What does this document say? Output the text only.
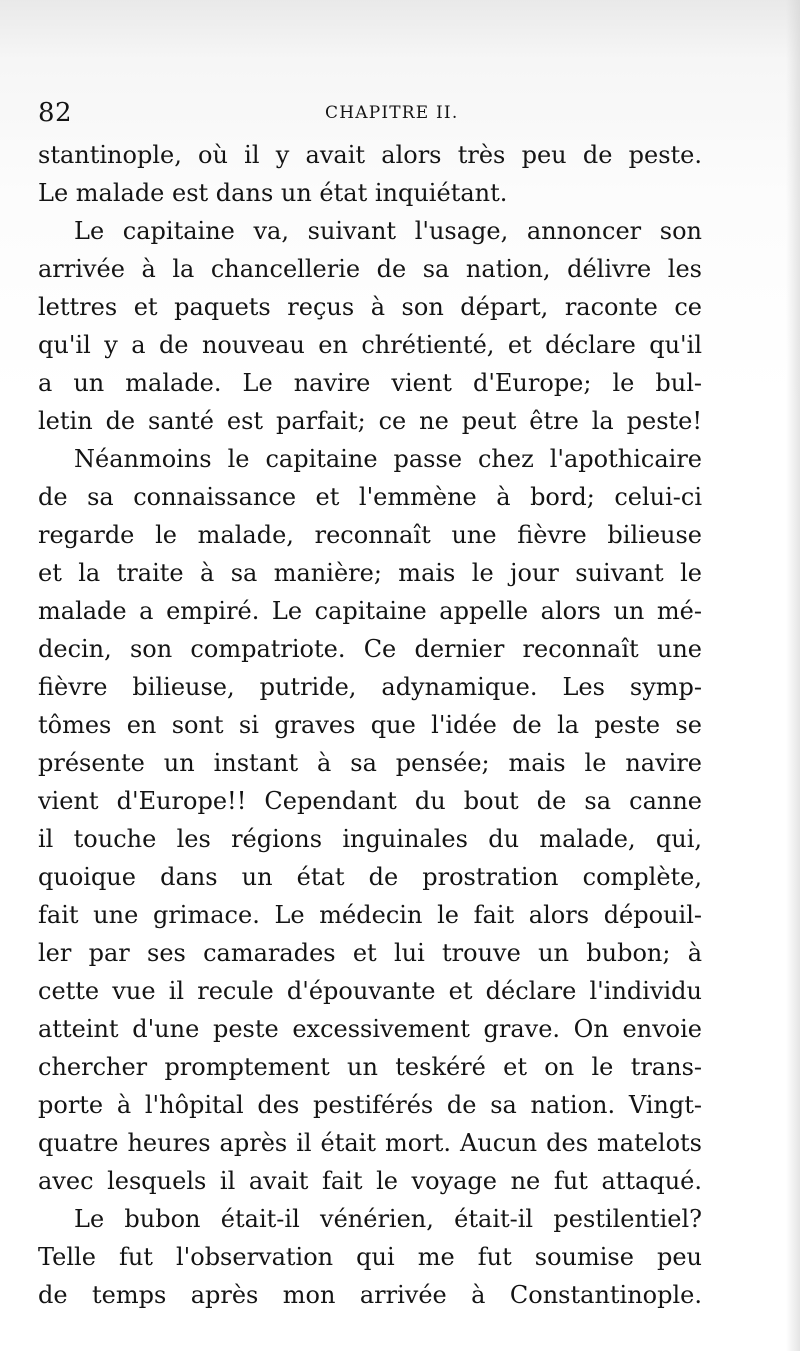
82	CHAPITRE II.
stantinople, où il y avait alors très peu de peste.
Le malade est dans un état inquiétant.
Le capitaine va, suivant l'usage, annoncer son
arrivée à la chancellerie de sa nation, délivre les
lettres et paquets reçus à son départ, raconte ce
qu'il y a de nouveau en chrétienté, et déclare qu'il
a un malade. Le navire vient d'Europe; le bul-
letin de santé est parfait; ce ne peut être la peste!
Néanmoins le capitaine passe chez l'apothicaire
de sa connaissance et l'emmène à bord; celui-ci
regarde le malade, reconnaît une fièvre bilieuse
et la traite à sa manière; mais le jour suivant le
malade a empiré. Le capitaine appelle alors un mé-
decin, son compatriote. Ce dernier reconnaît une
fièvre bilieuse, putride, adynamique. Les symp-
tômes en sont si graves que l'idée de la peste se
présente un instant à sa pensée; mais le navire
vient d'Europe!! Cependant du bout de sa canne
il touche les régions inguinales du malade, qui,
quoique dans un état de prostration complète,
fait une grimace. Le médecin le fait alors dépouil-
ler par ses camarades et lui trouve un bubon; à
cette vue il recule d'épouvante et déclare l'individu
atteint d'une peste excessivement grave. On envoie
chercher promptement un teskéré et on le trans-
porte à l'hôpital des pestiférés de sa nation. Vingt-
quatre heures après il était mort. Aucun des matelots
avec lesquels il avait fait le voyage ne fut attaqué.
Le bubon était-il vénérien, était-il pestilentiel?
Telle fut l'observation qui me fut soumise peu
de temps après mon arrivée à Constantinople.
